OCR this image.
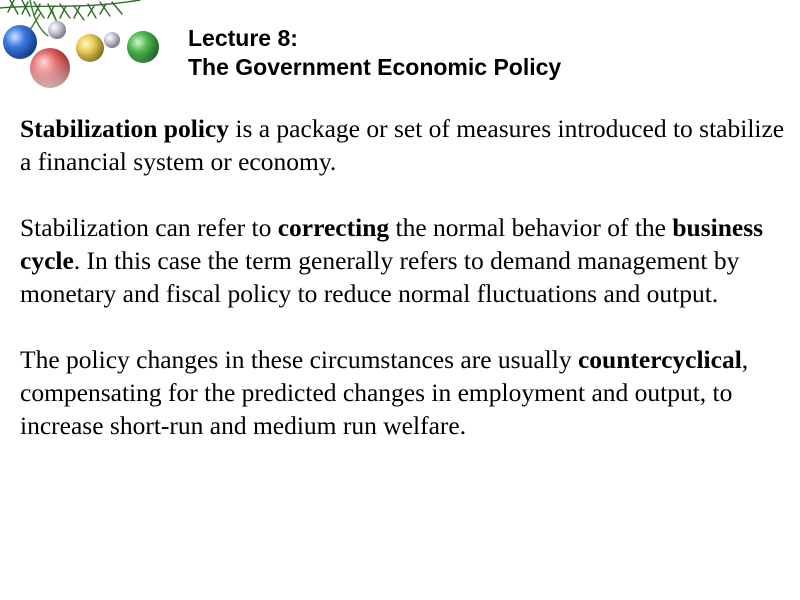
Lecture 8:
The Government Economic Policy

Stabilization policy is a package or set of measures introduced to stabilize a financial system or economy.

Stabilization can refer to correcting the normal behavior of the business cycle. In this case the term generally refers to demand management by monetary and fiscal policy to reduce normal fluctuations and output.

The policy changes in these circumstances are usually countercyclical, compensating for the predicted changes in employment and output, to increase short-run and medium run welfare.
